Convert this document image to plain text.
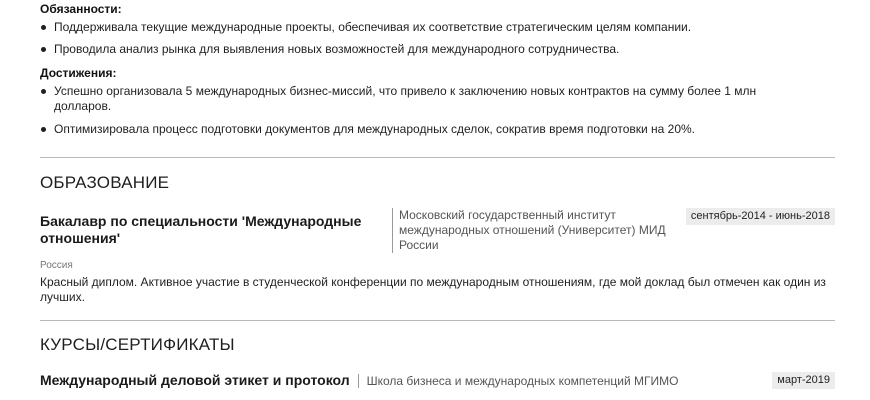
Обязанности:
Поддерживала текущие международные проекты, обеспечивая их соответствие стратегическим целям компании.
Проводила анализ рынка для выявления новых возможностей для международного сотрудничества.
Достижения:
Успешно организовала 5 международных бизнес-миссий, что привело к заключению новых контрактов на сумму более 1 млн долларов.
Оптимизировала процесс подготовки документов для международных сделок, сократив время подготовки на 20%.
ОБРАЗОВАНИЕ
Бакалавр по специальности 'Международные отношения'
Московский государственный институт международных отношений (Университет) МИД России
сентябрь-2014 - июнь-2018
Россия
Красный диплом. Активное участие в студенческой конференции по международным отношениям, где мой доклад был отмечен как один из лучших.
КУРСЫ/СЕРТИФИКАТЫ
Международный деловой этикет и протокол	Школа бизнеса и международных компетенций МГИМО	март-2019
